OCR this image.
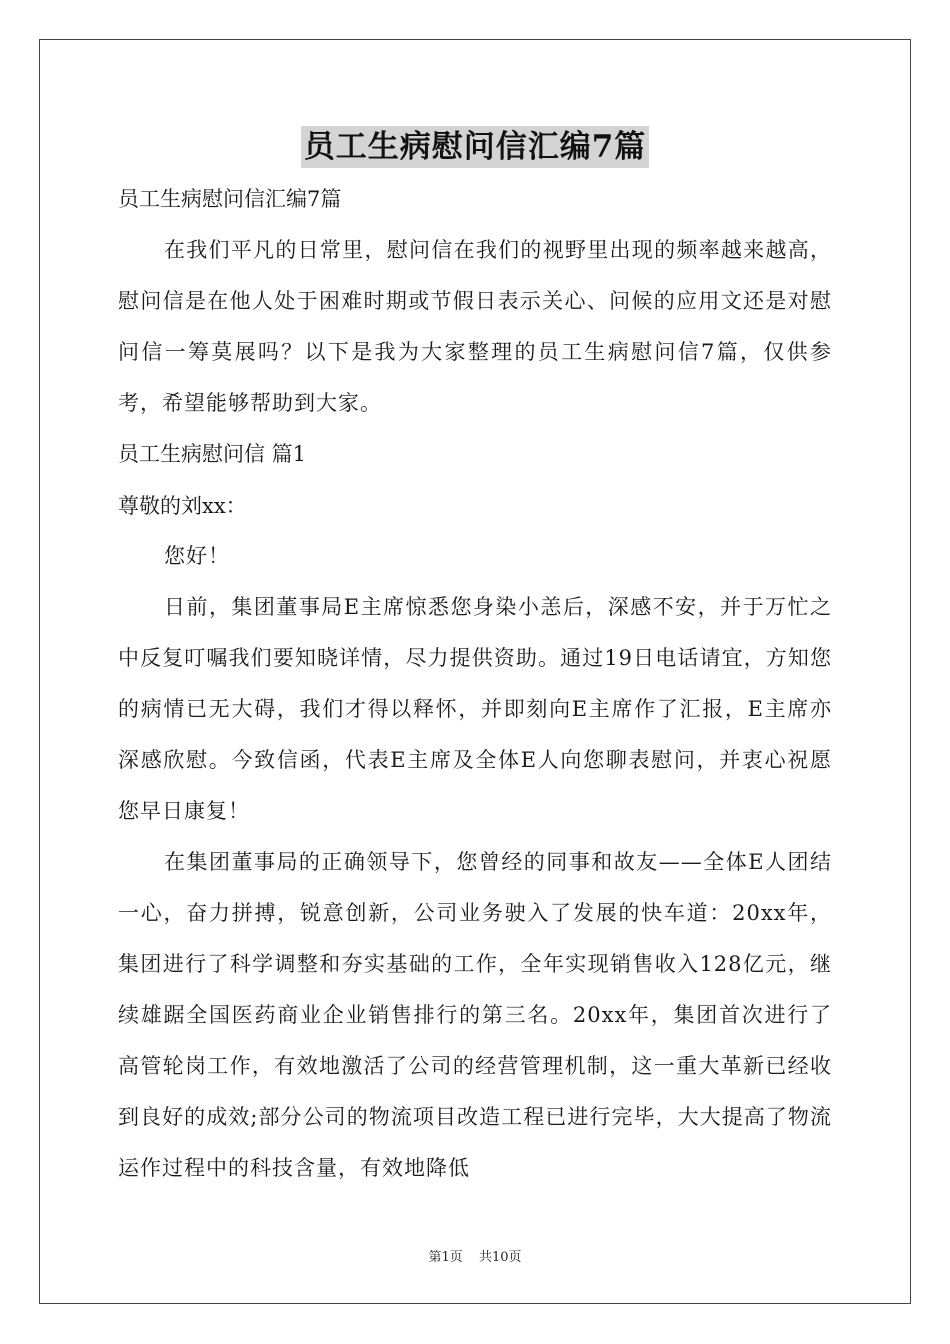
员工生病慰问信汇编7篇
员工生病慰问信汇编7篇
在我们平凡的日常里，慰问信在我们的视野里出现的频率越来越高，慰问信是在他人处于困难时期或节假日表示关心、问候的应用文还是对慰问信一筹莫展吗？以下是我为大家整理的员工生病慰问信7篇，仅供参考，希望能够帮助到大家。
员工生病慰问信 篇1
尊敬的刘xx：
您好！
日前，集团董事局E主席惊悉您身染小恙后，深感不安，并于万忙之中反复叮嘱我们要知晓详情，尽力提供资助。通过19日电话请宜，方知您的病情已无大碍，我们才得以释怀，并即刻向E主席作了汇报，E主席亦深感欣慰。今致信函，代表E主席及全体E人向您聊表慰问，并衷心祝愿您早日康复！
在集团董事局的正确领导下，您曾经的同事和故友——全体E人团结一心，奋力拼搏，锐意创新，公司业务驶入了发展的快车道：20xx年，集团进行了科学调整和夯实基础的工作，全年实现销售收入128亿元，继续雄踞全国医药商业企业销售排行的第三名。20xx年，集团首次进行了高管轮岗工作，有效地激活了公司的经营管理机制，这一重大革新已经收到良好的成效;部分公司的物流项目改造工程已进行完毕，大大提高了物流运作过程中的科技含量，有效地降低
第1页 共10页
